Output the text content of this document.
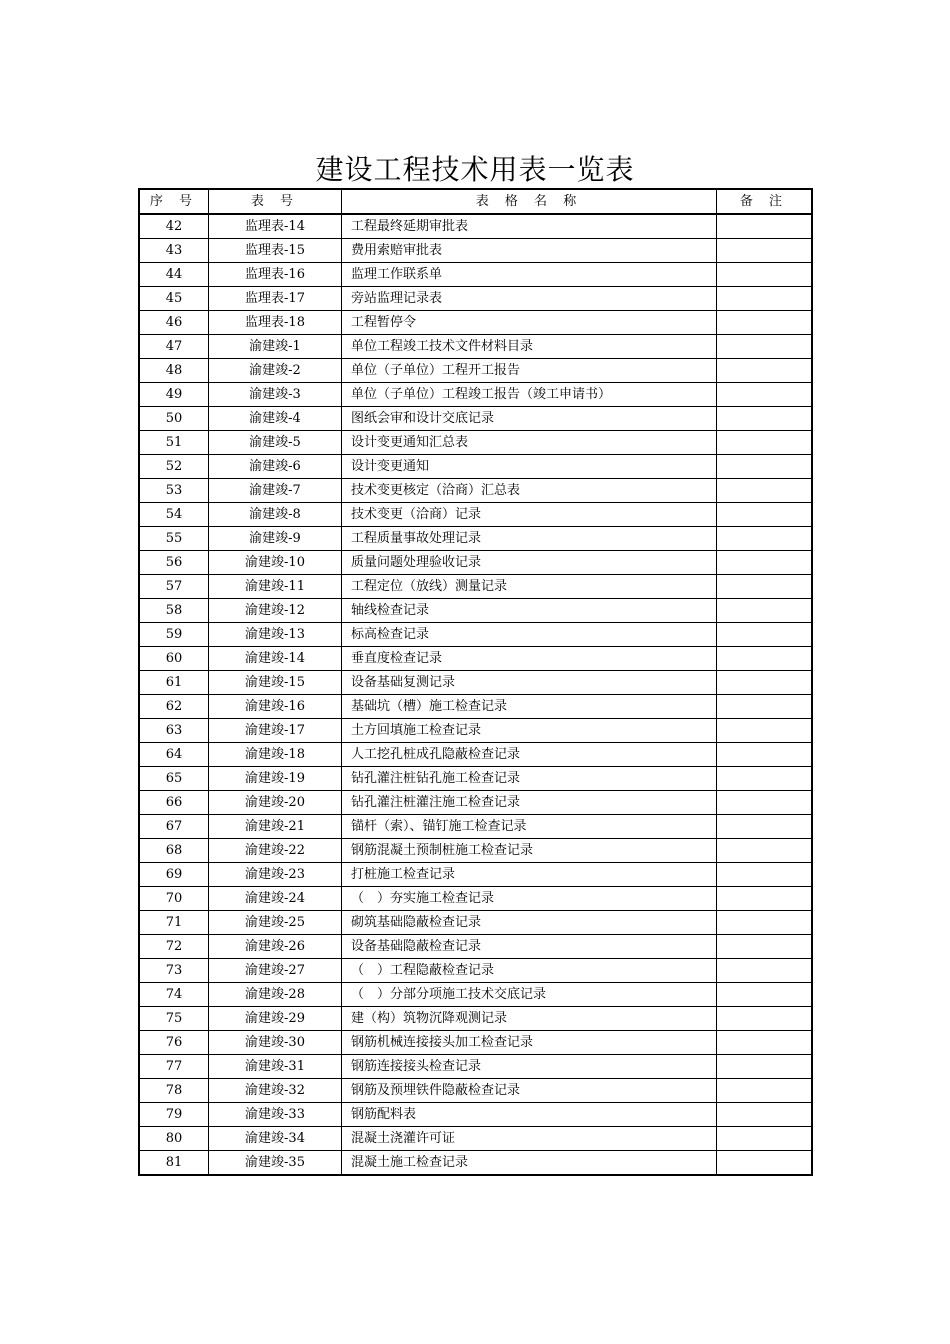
建设工程技术用表一览表
序 号	表 号	表 格 名 称	备 注
42	监理表-14	工程最终延期审批表	
43	监理表-15	费用索赔审批表	
44	监理表-16	监理工作联系单	
45	监理表-17	旁站监理记录表	
46	监理表-18	工程暂停令	
47	渝建竣-1	单位工程竣工技术文件材料目录	
48	渝建竣-2	单位（子单位）工程开工报告	
49	渝建竣-3	单位（子单位）工程竣工报告（竣工申请书）	
50	渝建竣-4	图纸会审和设计交底记录	
51	渝建竣-5	设计变更通知汇总表	
52	渝建竣-6	设计变更通知	
53	渝建竣-7	技术变更核定（洽商）汇总表	
54	渝建竣-8	技术变更（洽商）记录	
55	渝建竣-9	工程质量事故处理记录	
56	渝建竣-10	质量问题处理验收记录	
57	渝建竣-11	工程定位（放线）测量记录	
58	渝建竣-12	轴线检查记录	
59	渝建竣-13	标高检查记录	
60	渝建竣-14	垂直度检查记录	
61	渝建竣-15	设备基础复测记录	
62	渝建竣-16	基础坑（槽）施工检查记录	
63	渝建竣-17	土方回填施工检查记录	
64	渝建竣-18	人工挖孔桩成孔隐蔽检查记录	
65	渝建竣-19	钻孔灌注桩钻孔施工检查记录	
66	渝建竣-20	钻孔灌注桩灌注施工检查记录	
67	渝建竣-21	锚杆（索）、锚钉施工检查记录	
68	渝建竣-22	钢筋混凝土预制桩施工检查记录	
69	渝建竣-23	打桩施工检查记录	
70	渝建竣-24	（　）夯实施工检查记录	
71	渝建竣-25	砌筑基础隐蔽检查记录	
72	渝建竣-26	设备基础隐蔽检查记录	
73	渝建竣-27	（　）工程隐蔽检查记录	
74	渝建竣-28	（　）分部分项施工技术交底记录	
75	渝建竣-29	建（构）筑物沉降观测记录	
76	渝建竣-30	钢筋机械连接接头加工检查记录	
77	渝建竣-31	钢筋连接接头检查记录	
78	渝建竣-32	钢筋及预埋铁件隐蔽检查记录	
79	渝建竣-33	钢筋配料表	
80	渝建竣-34	混凝土浇灌许可证	
81	渝建竣-35	混凝土施工检查记录	
